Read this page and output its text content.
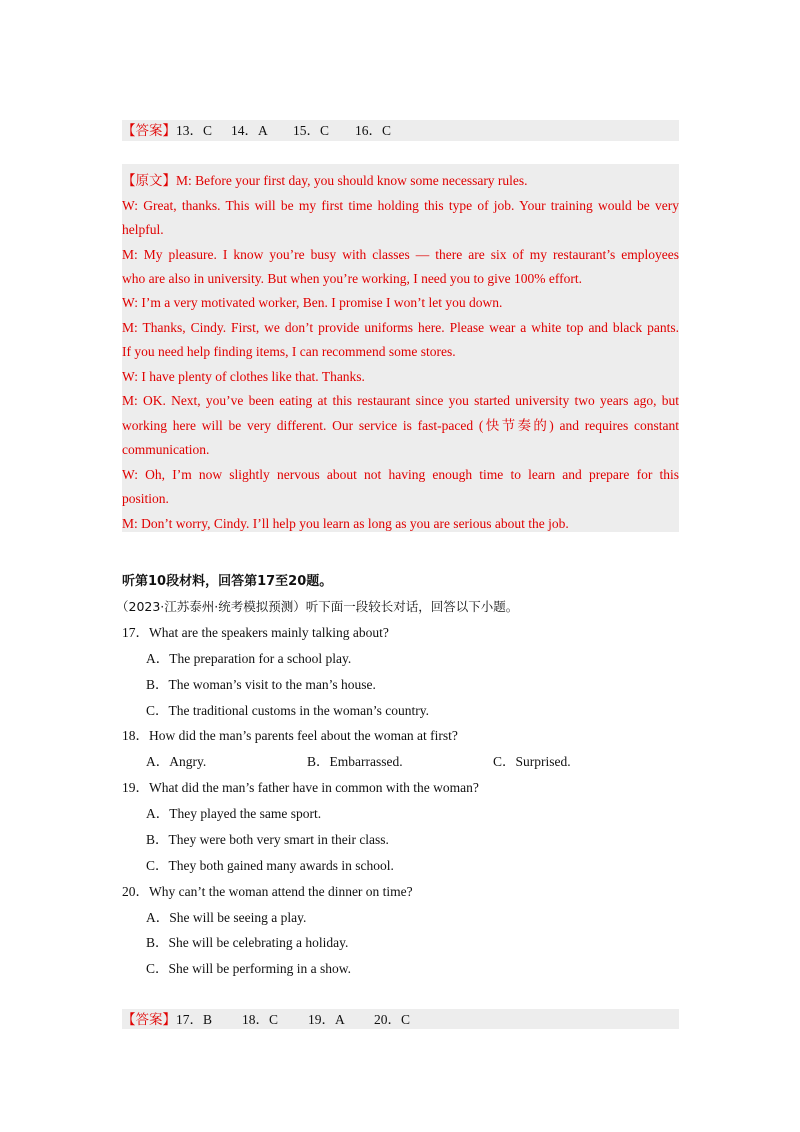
【答案】13．C 14．A 15．C 16．C
【原文】M: Before your first day, you should know some necessary rules.
W: Great, thanks. This will be my first time holding this type of job. Your training would be very
helpful.
M: My pleasure. I know you’re busy with classes — there are six of my restaurant’s employees
who are also in university. But when you’re working, I need you to give 100% effort.
W: I’m a very motivated worker, Ben. I promise I won’t let you down.
M: Thanks, Cindy. First, we don’t provide uniforms here. Please wear a white top and black pants.
If you need help finding items, I can recommend some stores.
W: I have plenty of clothes like that. Thanks.
M: OK. Next, you’ve been eating at this restaurant since you started university two years ago, but
working here will be very different. Our service is fast-paced (快节奏的) and requires constant
communication.
W: Oh, I’m now slightly nervous about not having enough time to learn and prepare for this
position.
M: Don’t worry, Cindy. I’ll help you learn as long as you are serious about the job.
听第10段材料，回答第17至20题。
（2023·江苏泰州·统考模拟预测）听下面一段较长对话，回答以下小题。
17．What are the speakers mainly talking about?
A．The preparation for a school play.
B．The woman’s visit to the man’s house.
C．The traditional customs in the woman’s country.
18．How did the man’s parents feel about the woman at first?
A．Angry.	B．Embarrassed.	C．Surprised.
19．What did the man’s father have in common with the woman?
A．They played the same sport.
B．They were both very smart in their class.
C．They both gained many awards in school.
20．Why can’t the woman attend the dinner on time?
A．She will be seeing a play.
B．She will be celebrating a holiday.
C．She will be performing in a show.
【答案】17．B 18．C 19．A 20．C
